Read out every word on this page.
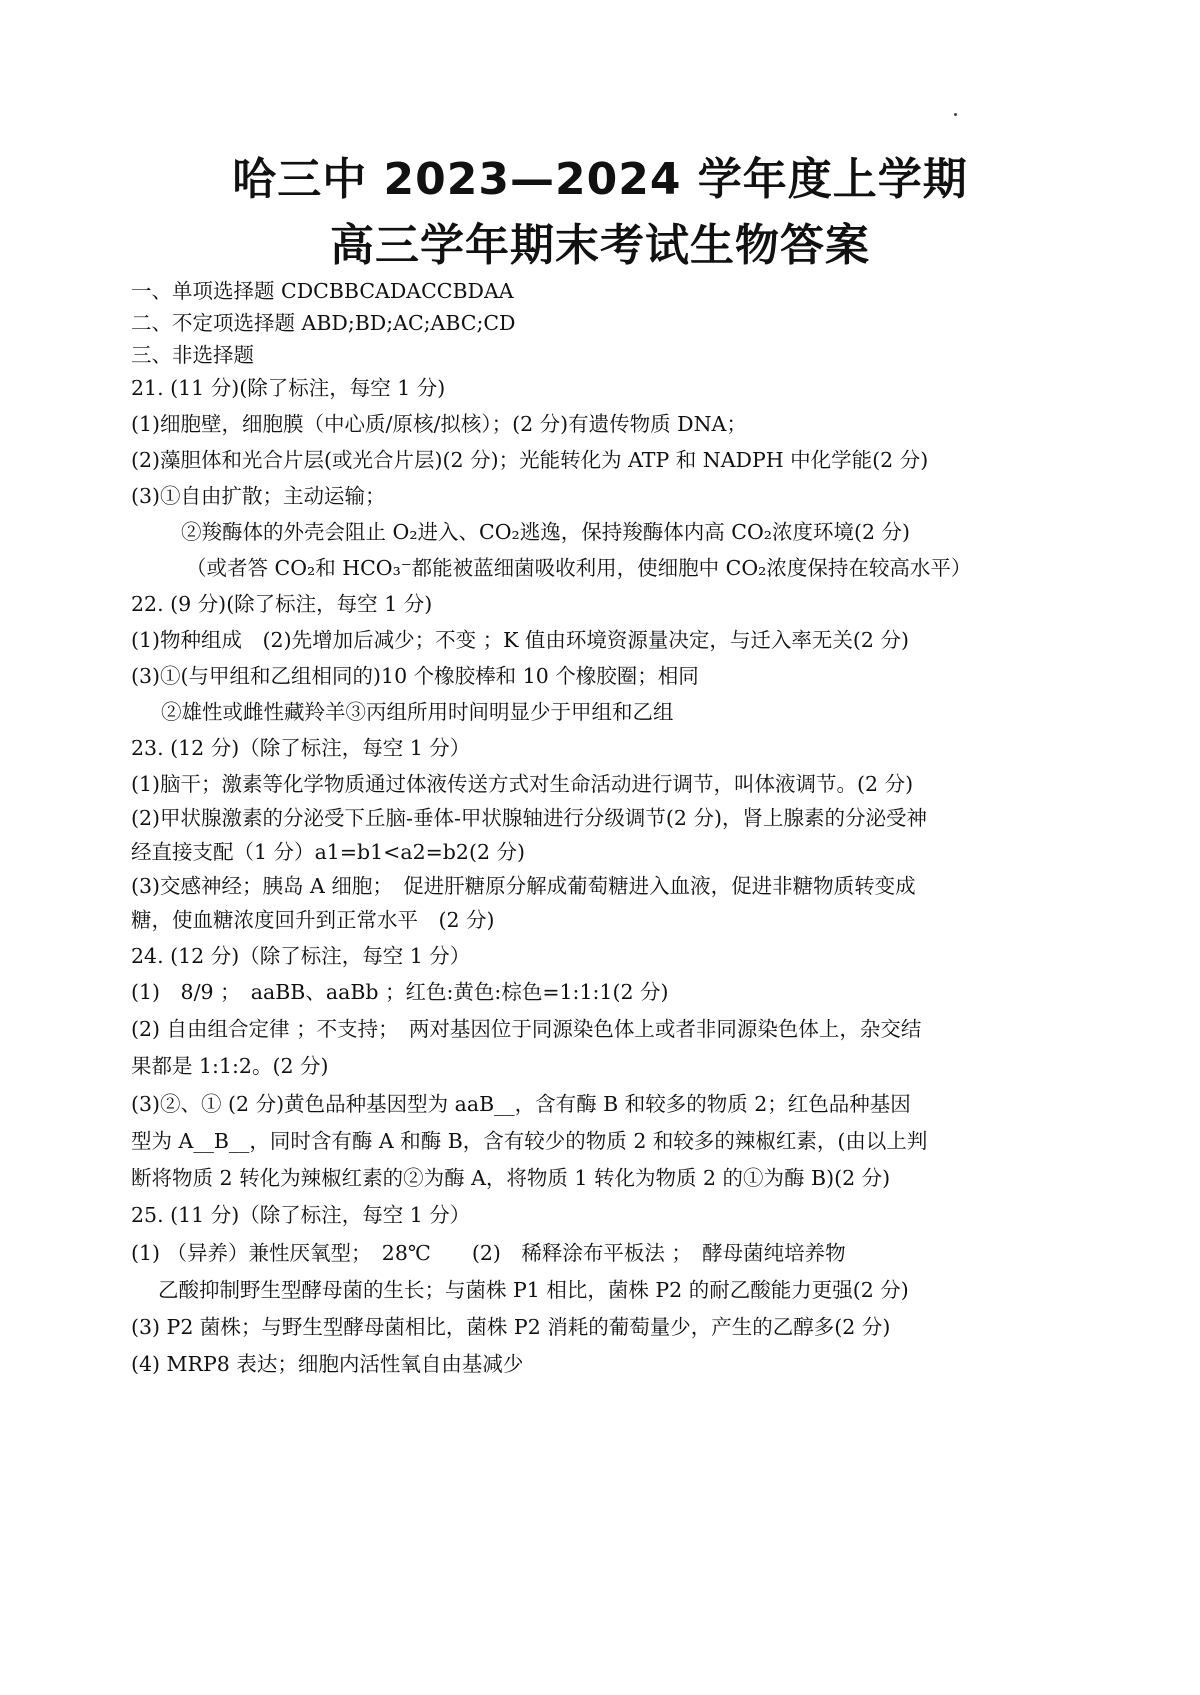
哈三中 2023—2024 学年度上学期
高三学年期末考试生物答案
一、单项选择题 CDCBBCADACCBDAA
二、不定项选择题 ABD;BD;AC;ABC;CD
三、非选择题
21. (11 分)(除了标注，每空 1 分)
(1)细胞壁，细胞膜（中心质/原核/拟核）；(2 分)有遗传物质 DNA；
(2)藻胆体和光合片层(或光合片层)(2 分)；光能转化为 ATP 和 NADPH 中化学能(2 分)
(3)①自由扩散；主动运输；
②羧酶体的外壳会阻止 O₂进入、CO₂逃逸，保持羧酶体内高 CO₂浓度环境(2 分)
（或者答 CO₂和 HCO₃⁻都能被蓝细菌吸收利用，使细胞中 CO₂浓度保持在较高水平）
22. (9 分)(除了标注，每空 1 分)
(1)物种组成　(2)先增加后减少；不变 ；K 值由环境资源量决定，与迁入率无关(2 分)
(3)①(与甲组和乙组相同的)10 个橡胶棒和 10 个橡胶圈；相同
②雄性或雌性藏羚羊③丙组所用时间明显少于甲组和乙组
23. (12 分)（除了标注，每空 1 分）
(1)脑干；激素等化学物质通过体液传送方式对生命活动进行调节，叫体液调节。(2 分)
(2)甲状腺激素的分泌受下丘脑-垂体-甲状腺轴进行分级调节(2 分)，肾上腺素的分泌受神
经直接支配（1 分）a1=b1<a2=b2(2 分)
(3)交感神经；胰岛 A 细胞；　促进肝糖原分解成葡萄糖进入血液，促进非糖物质转变成
糖，使血糖浓度回升到正常水平　(2 分)
24. (12 分)（除了标注，每空 1 分）
(1)　8/9 ；　aaBB、aaBb ；红色:黄色:棕色=1:1:1(2 分)
(2) 自由组合定律 ；不支持；　两对基因位于同源染色体上或者非同源染色体上，杂交结
果都是 1:1:2。(2 分)
(3)②、① (2 分)黄色品种基因型为 aaB__，含有酶 B 和较多的物质 2；红色品种基因
型为 A__B__，同时含有酶 A 和酶 B，含有较少的物质 2 和较多的辣椒红素，(由以上判
断将物质 2 转化为辣椒红素的②为酶 A，将物质 1 转化为物质 2 的①为酶 B)(2 分)
25. (11 分)（除了标注，每空 1 分）
(1) （异养）兼性厌氧型；　28℃　　(2)　稀释涂布平板法 ；　酵母菌纯培养物
乙酸抑制野生型酵母菌的生长；与菌株 P1 相比，菌株 P2 的耐乙酸能力更强(2 分)
(3) P2 菌株；与野生型酵母菌相比，菌株 P2 消耗的葡萄量少，产生的乙醇多(2 分)
(4) MRP8 表达；细胞内活性氧自由基减少
